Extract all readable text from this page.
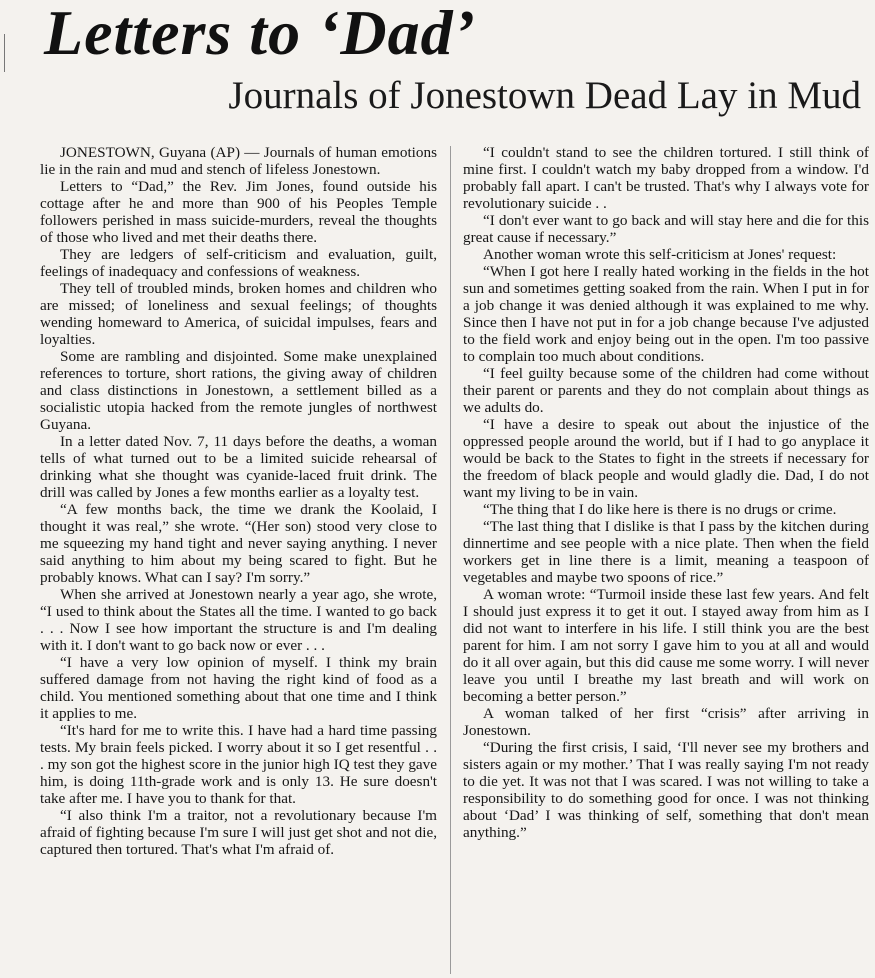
Letters to ‘Dad’
Journals of Jonestown Dead Lay in Mud

JONESTOWN, Guyana (AP) — Journals of human emotions lie in the rain and mud and stench of lifeless Jonestown.

Letters to “Dad,” the Rev. Jim Jones, found outside his cottage after he and more than 900 of his Peoples Temple followers perished in mass suicide-murders, reveal the thoughts of those who lived and met their deaths there.

They are ledgers of self-criticism and evaluation, guilt, feelings of inadequacy and confessions of weakness.

They tell of troubled minds, broken homes and children who are missed; of loneliness and sexual feelings; of thoughts wending homeward to America, of suicidal impulses, fears and loyalties.

Some are rambling and disjointed. Some make unexplained references to torture, short rations, the giving away of children and class distinctions in Jonestown, a settlement billed as a socialistic utopia hacked from the remote jungles of northwest Guyana.

In a letter dated Nov. 7, 11 days before the deaths, a woman tells of what turned out to be a limited suicide rehearsal of drinking what she thought was cyanide-laced fruit drink. The drill was called by Jones a few months earlier as a loyalty test.

“A few months back, the time we drank the Koolaid, I thought it was real,” she wrote. “(Her son) stood very close to me squeezing my hand tight and never saying anything. I never said anything to him about my being scared to fight. But he probably knows. What can I say? I'm sorry.”

When she arrived at Jonestown nearly a year ago, she wrote, “I used to think about the States all the time. I wanted to go back . . . Now I see how important the structure is and I'm dealing with it. I don't want to go back now or ever . . .

“I have a very low opinion of myself. I think my brain suffered damage from not having the right kind of food as a child. You mentioned something about that one time and I think it applies to me.

“It's hard for me to write this. I have had a hard time passing tests. My brain feels picked. I worry about it so I get resentful . . . my son got the highest score in the junior high IQ test they gave him, is doing 11th-grade work and is only 13. He sure doesn't take after me. I have you to thank for that.

“I also think I'm a traitor, not a revolutionary because I'm afraid of fighting because I'm sure I will just get shot and not die, captured then tortured. That's what I'm afraid of.

“I couldn't stand to see the children tortured. I still think of mine first. I couldn't watch my baby dropped from a window. I'd probably fall apart. I can't be trusted. That's why I always vote for revolutionary suicide . .

“I don't ever want to go back and will stay here and die for this great cause if necessary.”

Another woman wrote this self-criticism at Jones' request:

“When I got here I really hated working in the fields in the hot sun and sometimes getting soaked from the rain. When I put in for a job change it was denied although it was explained to me why. Since then I have not put in for a job change because I've adjusted to the field work and enjoy being out in the open. I'm too passive to complain too much about conditions.

“I feel guilty because some of the children had come without their parent or parents and they do not complain about things as we adults do.

“I have a desire to speak out about the injustice of the oppressed people around the world, but if I had to go anyplace it would be back to the States to fight in the streets if necessary for the freedom of black people and would gladly die. Dad, I do not want my living to be in vain.

“The thing that I do like here is there is no drugs or crime.

“The last thing that I dislike is that I pass by the kitchen during dinnertime and see people with a nice plate. Then when the field workers get in line there is a limit, meaning a teaspoon of vegetables and maybe two spoons of rice.”

A woman wrote: “Turmoil inside these last few years. And felt I should just express it to get it out. I stayed away from him as I did not want to interfere in his life. I still think you are the best parent for him. I am not sorry I gave him to you at all and would do it all over again, but this did cause me some worry. I will never leave you until I breathe my last breath and will work on becoming a better person.”

A woman talked of her first “crisis” after arriving in Jonestown.

“During the first crisis, I said, ‘I'll never see my brothers and sisters again or my mother.’ That I was really saying I'm not ready to die yet. It was not that I was scared. I was not willing to take a responsibility to do something good for once. I was not thinking about ‘Dad’ I was thinking of self, something that don't mean anything.”
